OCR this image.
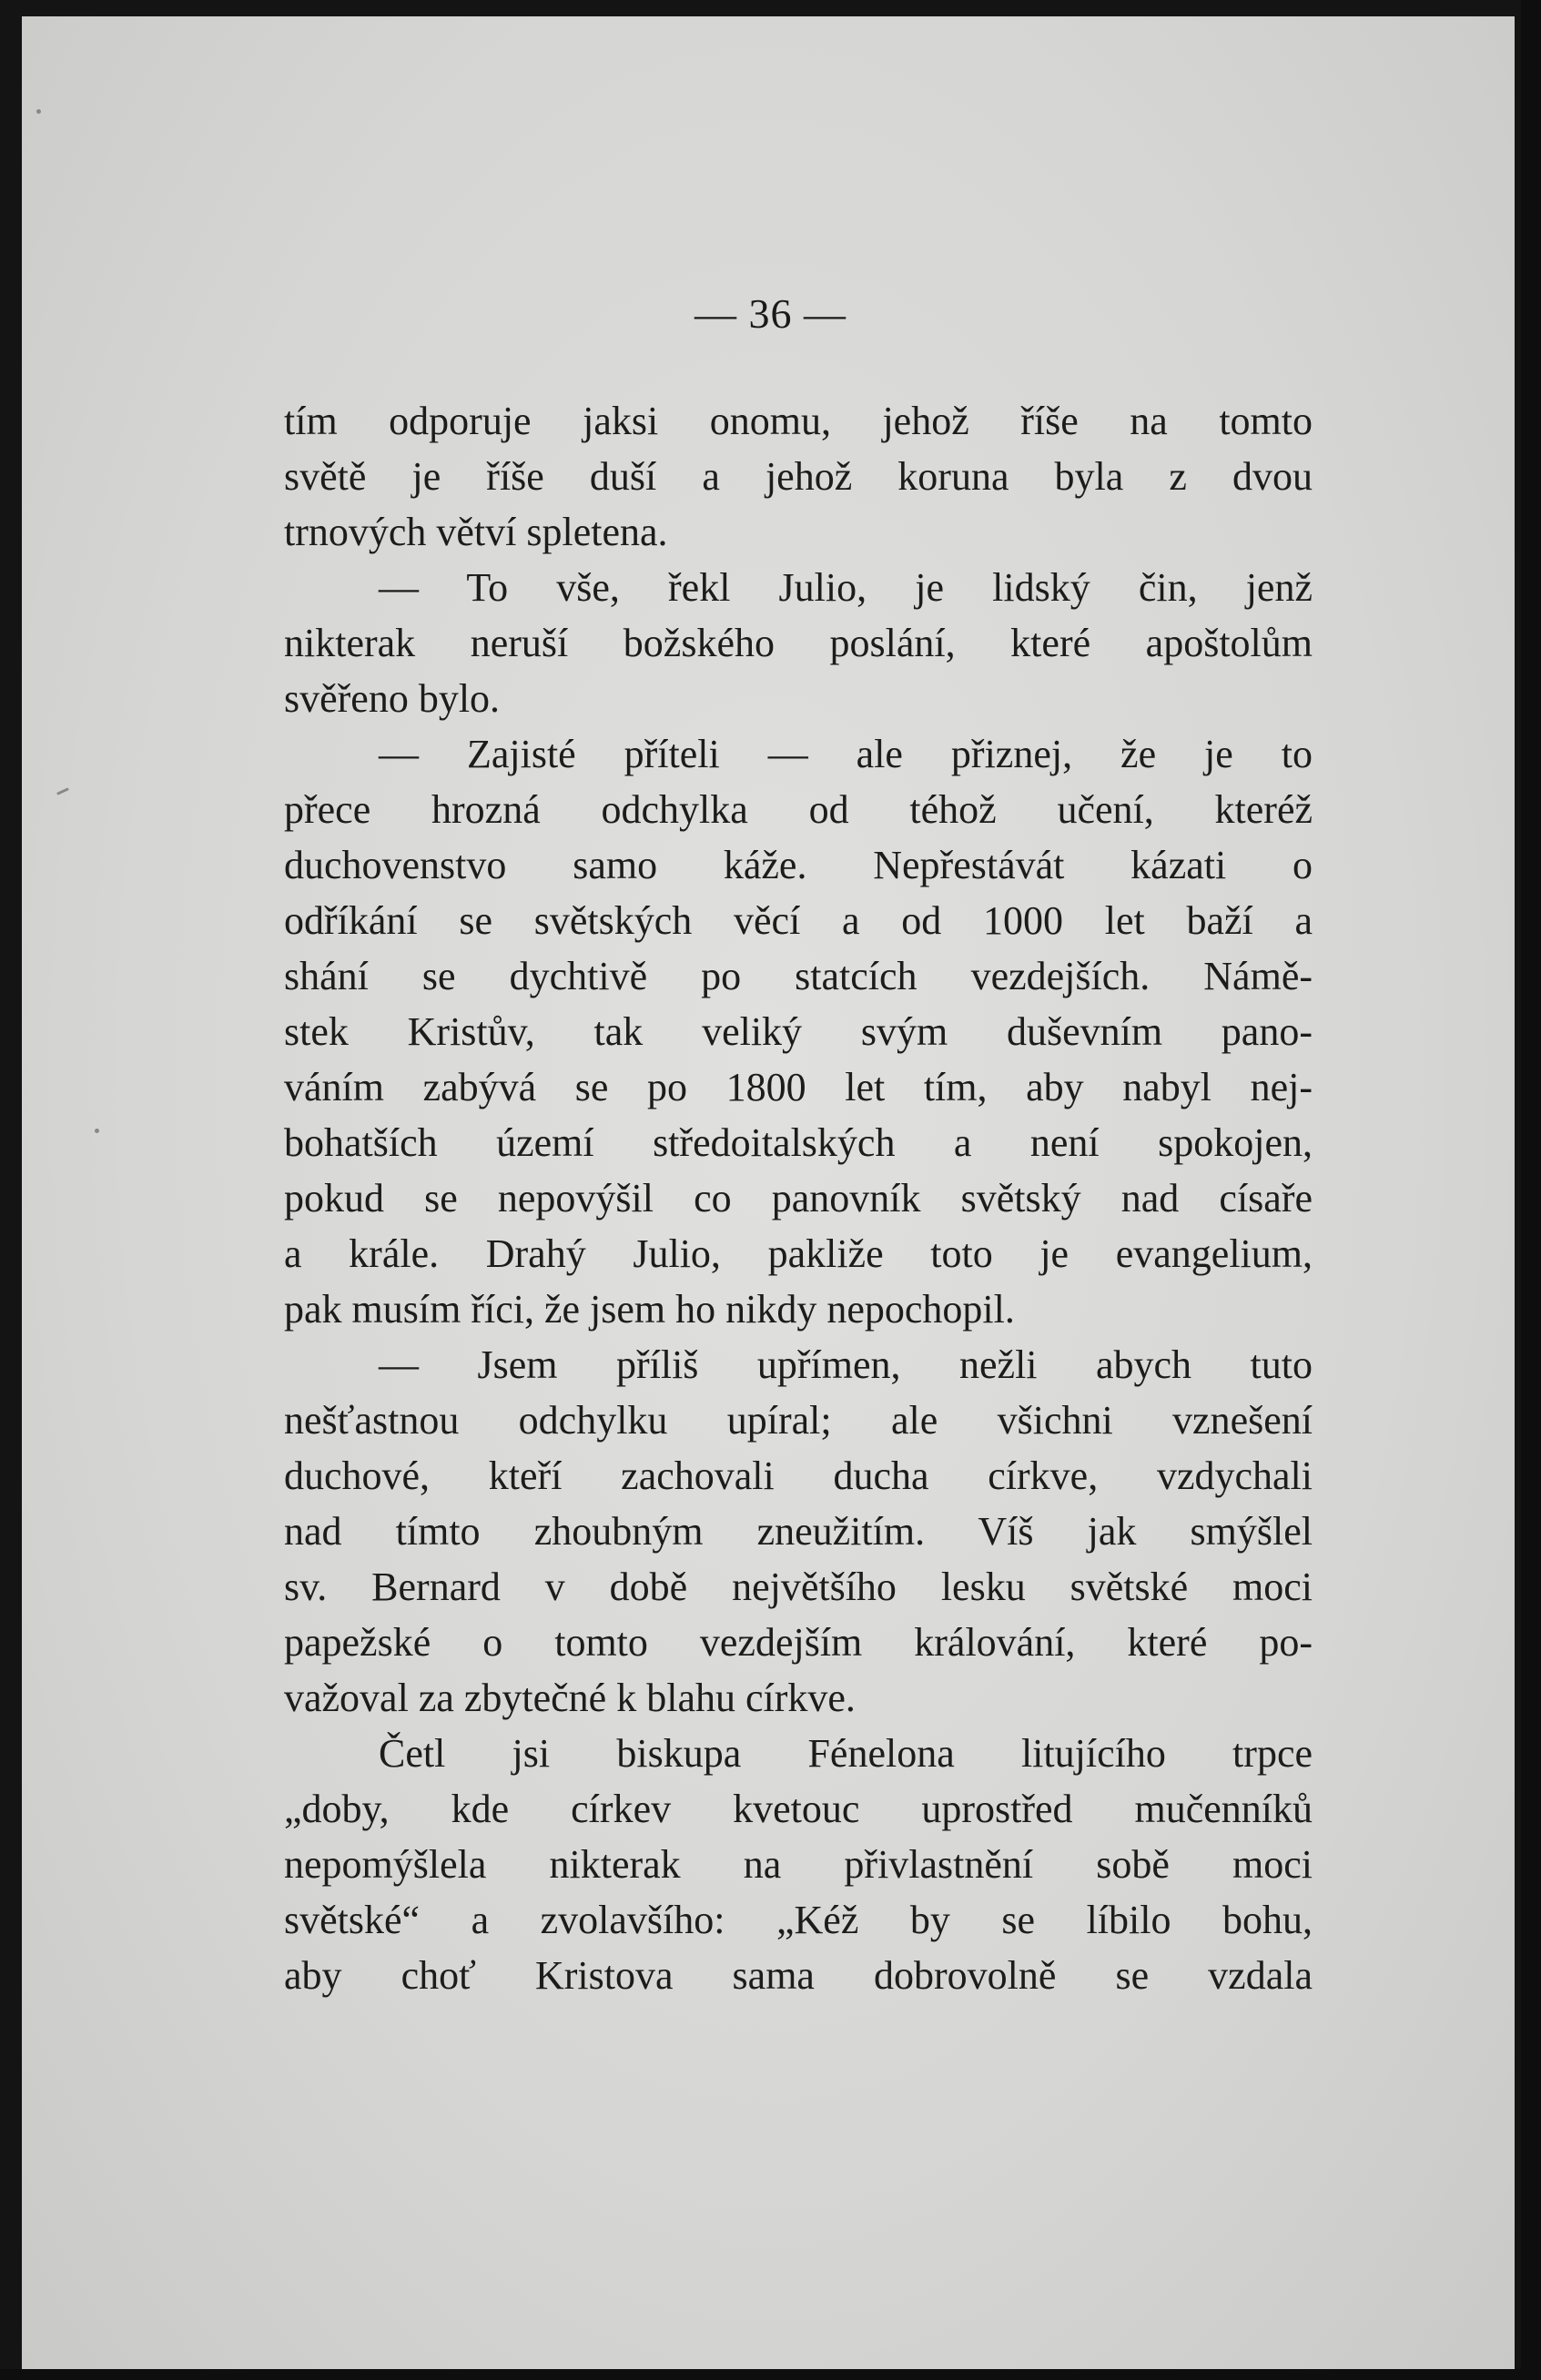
— 36 —
tím odporuje jaksi onomu, jehož říše na tomto
světě je říše duší a jehož koruna byla z dvou
trnových větví spletena.
— To vše, řekl Julio, je lidský čin, jenž
nikterak neruší božského poslání, které apoštolům
svěřeno bylo.
— Zajisté příteli — ale přiznej, že je to
přece hrozná odchylka od téhož učení, kteréž
duchovenstvo samo káže. Nepřestávát kázati o
odříkání se světských věcí a od 1000 let baží a
shání se dychtivě po statcích vezdejších. Námě-
stek Kristův, tak veliký svým duševním pano-
váním zabývá se po 1800 let tím, aby nabyl nej-
bohatších území středoitalských a není spokojen,
pokud se nepovýšil co panovník světský nad císaře
a krále. Drahý Julio, pakliže toto je evangelium,
pak musím říci, že jsem ho nikdy nepochopil.
— Jsem příliš upřímen, nežli abych tuto
nešťastnou odchylku upíral; ale všichni vznešení
duchové, kteří zachovali ducha církve, vzdychali
nad tímto zhoubným zneužitím. Víš jak smýšlel
sv. Bernard v době největšího lesku světské moci
papežské o tomto vezdejším králování, které po-
važoval za zbytečné k blahu církve.
Četl jsi biskupa Fénelona litujícího trpce
„doby, kde církev kvetouc uprostřed mučenníků
nepomýšlela nikterak na přivlastnění sobě moci
světské“ a zvolavšího: „Kéž by se líbilo bohu,
aby choť Kristova sama dobrovolně se vzdala
